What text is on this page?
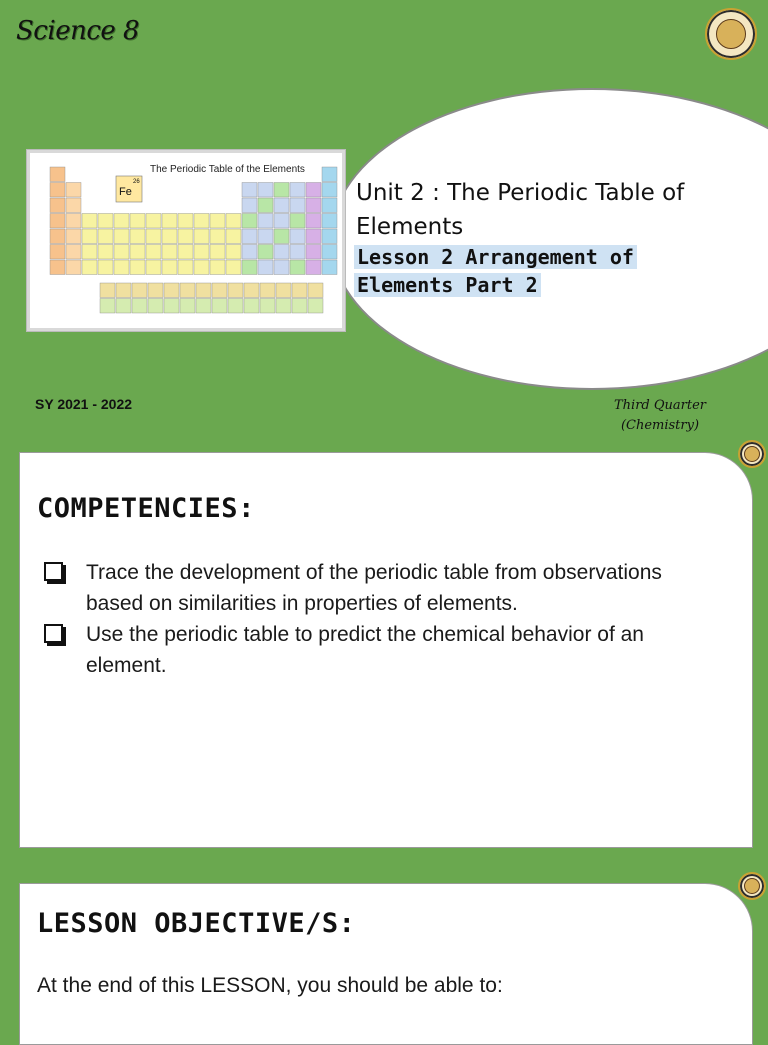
Science 8
The Periodic Table of the Elements
Fe
26	Unit 2 : The Periodic Table of Elements
Lesson 2 Arrangement of Elements Part 2
SY 2021 - 2022	Third Quarter
(Chemistry)
COMPETENCIES:
Trace the development of the periodic table from observations based on similarities in properties of elements.
Use the periodic table to predict the chemical behavior of an element.
LESSON OBJECTIVE/S:
At the end of this LESSON, you should be able to:
